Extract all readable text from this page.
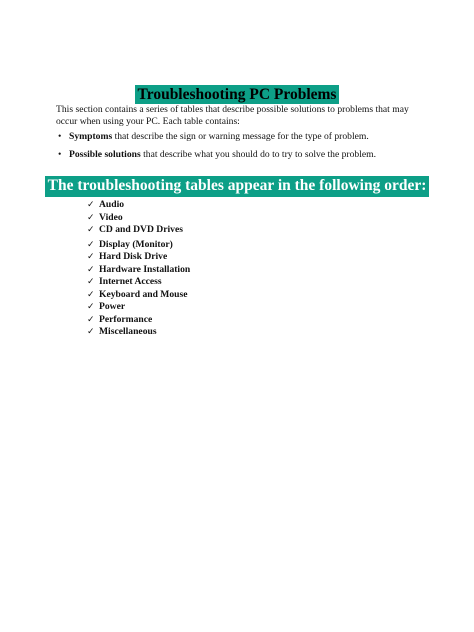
Troubleshooting PC Problems
This section contains a series of tables that describe possible solutions to problems that may occur when using your PC. Each table contains:
• Symptoms that describe the sign or warning message for the type of problem.
• Possible solutions that describe what you should do to try to solve the problem.
The troubleshooting tables appear in the following order:
✓ Audio
✓ Video
✓ CD and DVD Drives
✓ Display (Monitor)
✓ Hard Disk Drive
✓ Hardware Installation
✓ Internet Access
✓ Keyboard and Mouse
✓ Power
✓ Performance
✓ Miscellaneous
